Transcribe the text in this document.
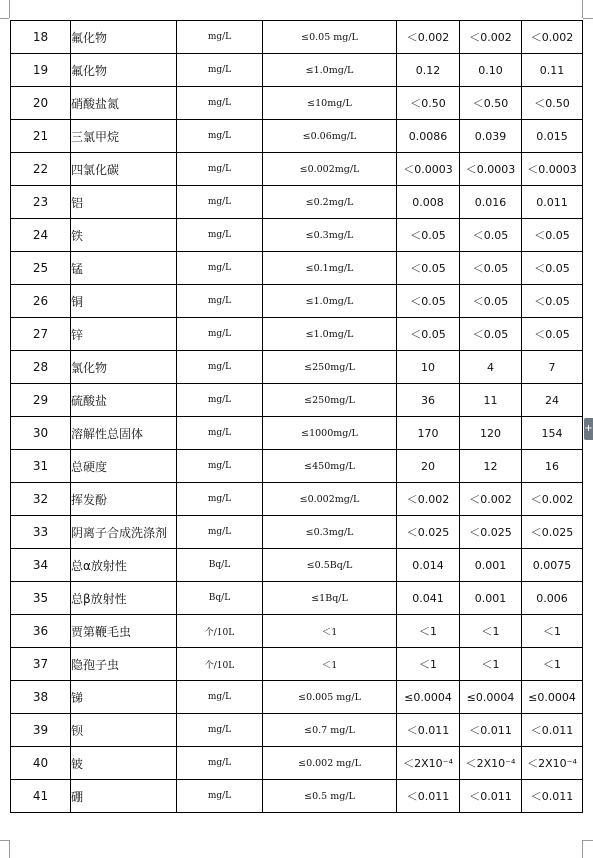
18	氟化物	mg/L	≤0.05 mg/L	＜0.002	＜0.002	＜0.002
19	氟化物	mg/L	≤1.0mg/L	0.12	0.10	0.11
20	硝酸盐氮	mg/L	≤10mg/L	＜0.50	＜0.50	＜0.50
21	三氯甲烷	mg/L	≤0.06mg/L	0.0086	0.039	0.015
22	四氯化碳	mg/L	≤0.002mg/L	＜0.0003	＜0.0003	＜0.0003
23	铝	mg/L	≤0.2mg/L	0.008	0.016	0.011
24	铁	mg/L	≤0.3mg/L	＜0.05	＜0.05	＜0.05
25	锰	mg/L	≤0.1mg/L	＜0.05	＜0.05	＜0.05
26	铜	mg/L	≤1.0mg/L	＜0.05	＜0.05	＜0.05
27	锌	mg/L	≤1.0mg/L	＜0.05	＜0.05	＜0.05
28	氯化物	mg/L	≤250mg/L	10	4	7
29	硫酸盐	mg/L	≤250mg/L	36	11	24
30	溶解性总固体	mg/L	≤1000mg/L	170	120	154
31	总硬度	mg/L	≤450mg/L	20	12	16
32	挥发酚	mg/L	≤0.002mg/L	＜0.002	＜0.002	＜0.002
33	阴离子合成洗涤剂	mg/L	≤0.3mg/L	＜0.025	＜0.025	＜0.025
34	总α放射性	Bq/L	≤0.5Bq/L	0.014	0.001	0.0075
35	总β放射性	Bq/L	≤1Bq/L	0.041	0.001	0.006
36	贾第鞭毛虫	个/10L	＜1	＜1	＜1	＜1
37	隐孢子虫	个/10L	＜1	＜1	＜1	＜1
38	锑	mg/L	≤0.005 mg/L	≤0.0004	≤0.0004	≤0.0004
39	钡	mg/L	≤0.7 mg/L	＜0.011	＜0.011	＜0.011
40	铍	mg/L	≤0.002 mg/L	＜2X10⁻⁴	＜2X10⁻⁴	＜2X10⁻⁴
41	硼	mg/L	≤0.5 mg/L	＜0.011	＜0.011	＜0.011
+
